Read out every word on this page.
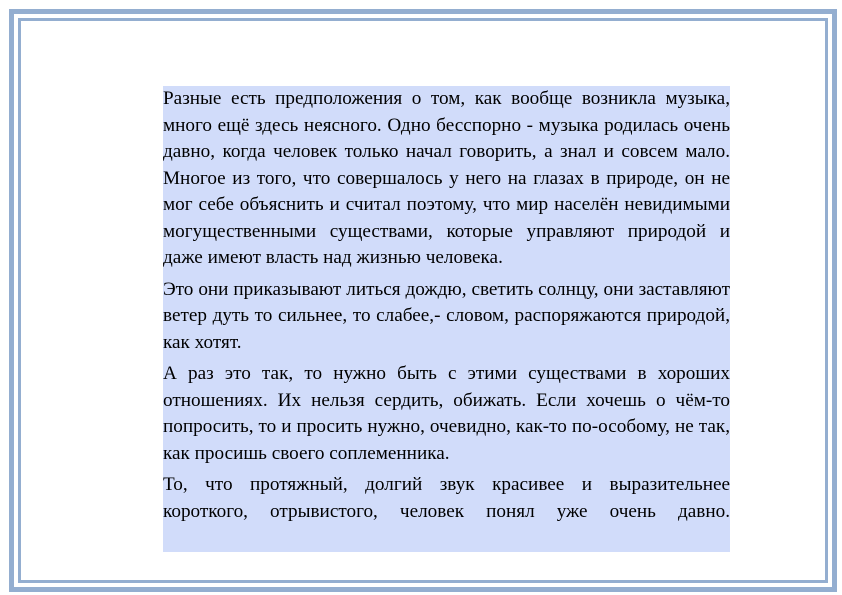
Разные есть предположения о том, как вообще возникла музыка, много ещё здесь неясного. Одно бесспорно - музыка родилась очень давно, когда человек только начал говорить, а знал и совсем мало. Многое из того, что совершалось у него на глазах в природе, он не мог себе объяснить и считал поэтому, что мир населён невидимыми могущественными существами, которые управляют природой и даже имеют власть над жизнью человека.

Это они приказывают литься дождю, светить солнцу, они заставляют ветер дуть то сильнее, то слабее,- словом, распоряжаются природой, как хотят.

А раз это так, то нужно быть с этими существами в хороших отношениях. Их нельзя сердить, обижать. Если хочешь о чём-то попросить, то и просить нужно, очевидно, как-то по-особому, не так, как просишь своего соплеменника.

То, что протяжный, долгий звук красивее и выразительнее короткого, отрывистого, человек понял уже очень давно.
